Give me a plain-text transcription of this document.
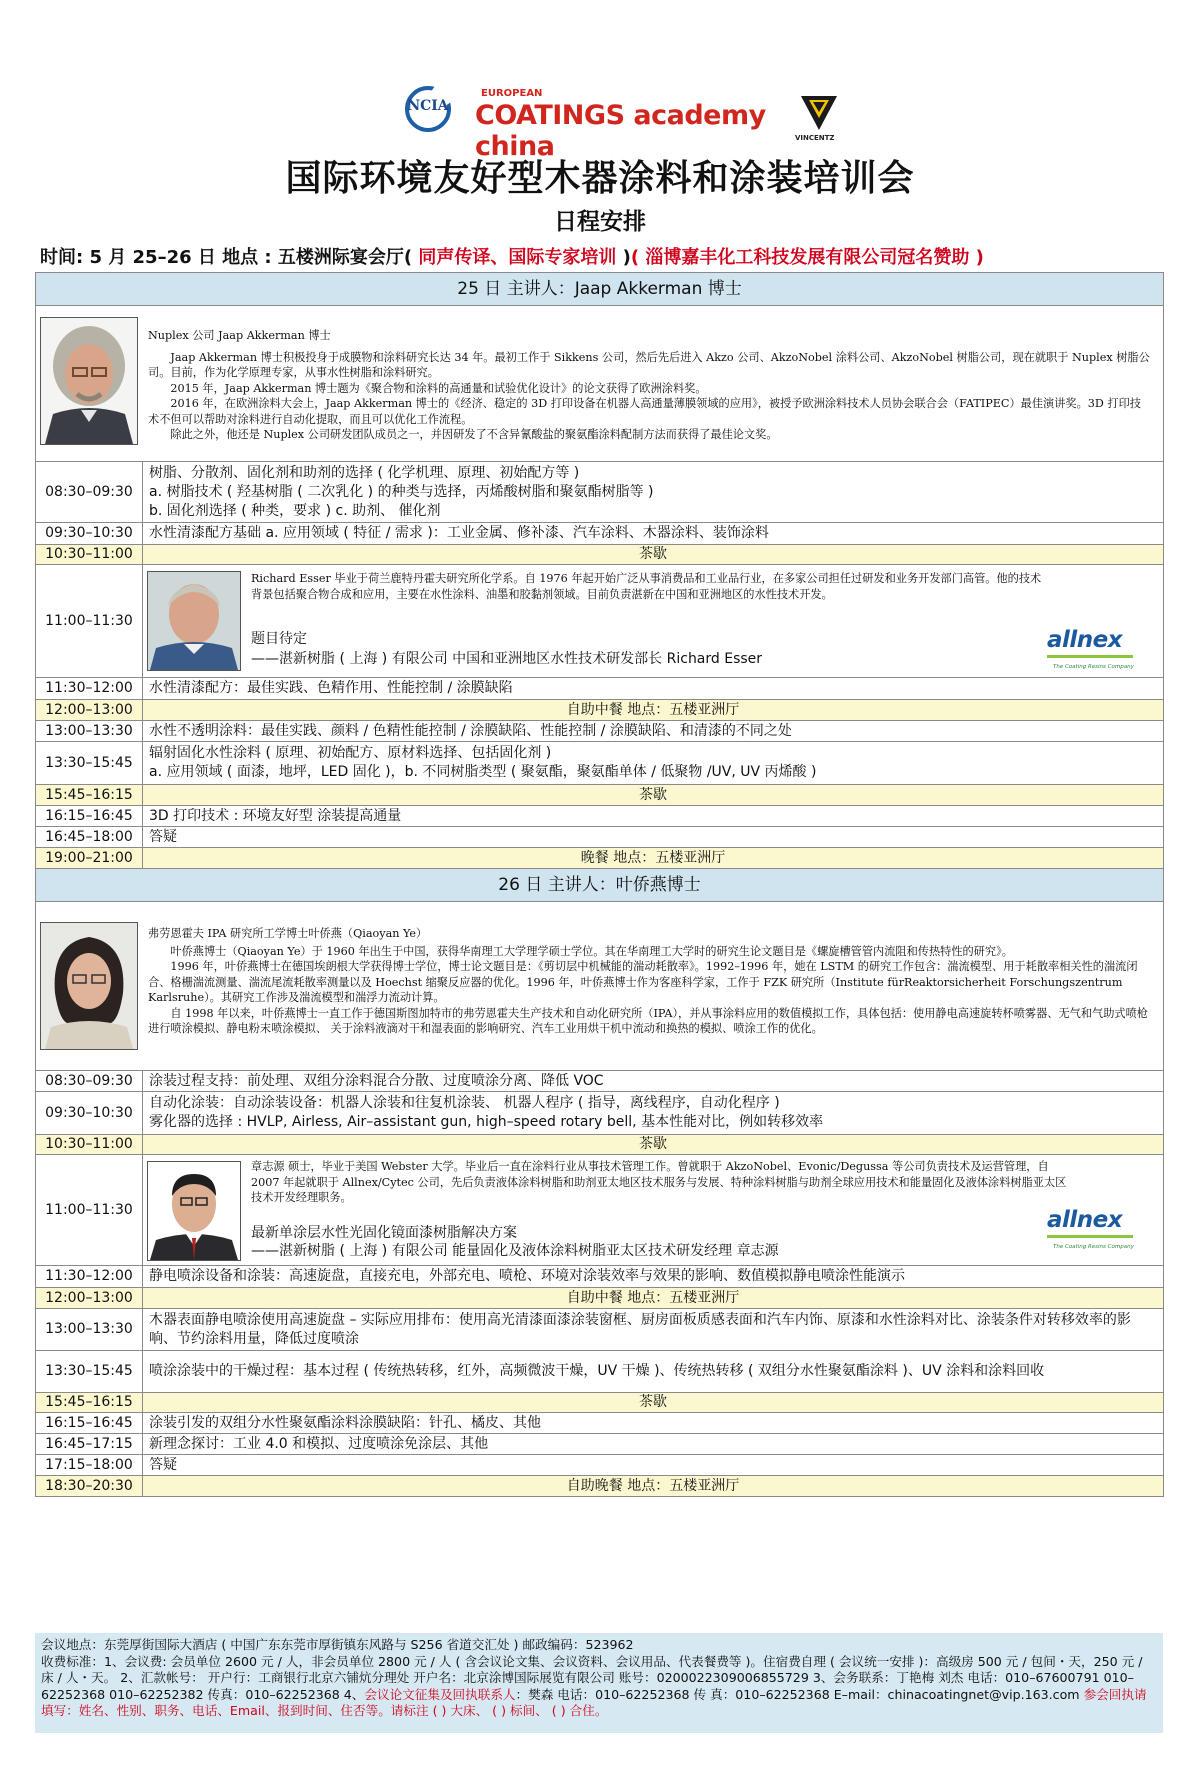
NCIA
EUROPEAN
COATINGS academy china	VINCENTZ
国际环境友好型木器涂料和涂装培训会
日程安排
时间: 5 月 25–26 日 地点 : 五楼洲际宴会厅( 同声传译、国际专家培训 )( 淄博嘉丰化工科技发展有限公司冠名赞助 )
25 日 主讲人：Jaap Akkerman 博士	

Nuplex 公司 Jaap Akkerman 博士

Jaap Akkerman 博士积极投身于成膜物和涂料研究长达 34 年。最初工作于 Sikkens 公司，然后先后进入 Akzo 公司、AkzoNobel 涂料公司、AkzoNobel 树脂公司，现在就职于 Nuplex 树脂公司。目前，作为化学原理专家，从事水性树脂和涂料研究。

2015 年，Jaap Akkerman 博士题为《聚合物和涂料的高通量和试验优化设计》的论文获得了欧洲涂料奖。

2016 年，在欧洲涂料大会上，Jaap Akkerman 博士的《经济、稳定的 3D 打印设备在机器人高通量薄膜领域的应用》，被授予欧洲涂料技术人员协会联合会（FATIPEC）最佳演讲奖。3D 打印技术不但可以帮助对涂料进行自动化提取，而且可以优化工作流程。

除此之外，他还是 Nuplex 公司研发团队成员之一，并因研发了不含异氰酸盐的聚氨酯涂料配制方法而获得了最佳论文奖。	

08:30–09:30	树脂、分散剂、固化剂和助剂的选择 ( 化学机理、原理、初始配方等 )
a. 树脂技术 ( 羟基树脂 ( 二次乳化 ) 的种类与选择，丙烯酸树脂和聚氨酯树脂等 )
b. 固化剂选择 ( 种类，要求 ) c. 助剂、 催化剂

09:30–10:30	水性清漆配方基础 a. 应用领域 ( 特征 / 需求 )：工业金属、修补漆、汽车涂料、木器涂料、装饰涂料
10:30–11:00	茶歇
11:00–11:30	Richard Esser 毕业于荷兰鹿特丹霍夫研究所化学系。自 1976 年起开始广泛从事消费品和工业品行业，在多家公司担任过研发和业务开发部门高管。他的技术背景包括聚合物合成和应用，主要在水性涂料、油墨和胶黏剂领域。目前负责湛新在中国和亚洲地区的水性技术开发。
题目待定
——湛新树脂 ( 上海 ) 有限公司 中国和亚洲地区水性技术研发部长 Richard Esser
allnex
The Coating Resins Company

11:30–12:00	水性清漆配方：最佳实践、色精作用、性能控制 / 涂膜缺陷
12:00–13:00	自助中餐 地点：五楼亚洲厅
13:00–13:30	水性不透明涂料：最佳实践、颜料 / 色精性能控制 / 涂膜缺陷、性能控制 / 涂膜缺陷、和清漆的不同之处
13:30–15:45	辐射固化水性涂料 ( 原理、初始配方、原材料选择、包括固化剂 )
a. 应用领域 ( 面漆，地坪，LED 固化 )，b. 不同树脂类型 ( 聚氨酯，聚氨酯单体 / 低聚物 /UV, UV 丙烯酸 )

15:45–16:15	茶歇
16:15–16:45	3D 打印技术 : 环境友好型 涂装提高通量
16:45–18:00	答疑
19:00–21:00	晚餐 地点：五楼亚洲厅
26 日 主讲人：叶侨燕博士	

弗劳恩霍夫 IPA 研究所工学博士叶侨燕（Qiaoyan Ye）

叶侨燕博士（Qiaoyan Ye）于 1960 年出生于中国，获得华南理工大学理学硕士学位。其在华南理工大学时的研究生论文题目是《螺旋槽管管内流阻和传热特性的研究》。

1996 年，叶侨燕博士在德国埃朗根大学获得博士学位，博士论文题目是：《剪切层中机械能的湍动耗散率》。1992–1996 年，她在 LSTM 的研究工作包含：湍流模型、用于耗散率相关性的湍流闭合、格栅湍流测量、湍流尾流耗散率测量以及 Hoechst 缩聚反应器的优化。1996 年，叶侨燕博士作为客座科学家，工作于 FZK 研究所（Institute fürReaktorsicherheit Forschungszentrum Karlsruhe）。其研究工作涉及湍流模型和湍浮力流动计算。

自 1998 年以来，叶侨燕博士一直工作于德国斯图加特市的弗劳恩霍夫生产技术和自动化研究所（IPA），并从事涂料应用的数值模拟工作，具体包括：使用静电高速旋转杯喷雾器、无气和气助式喷枪进行喷涂模拟、静电粉末喷涂模拟、 关于涂料液滴对干和湿表面的影响研究、汽车工业用烘干机中流动和换热的模拟、喷涂工作的优化。	

08:30–09:30	涂装过程支持：前处理、双组分涂料混合分散、过度喷涂分离、降低 VOC
09:30–10:30	自动化涂装：自动涂装设备：机器人涂装和往复机涂装、 机器人程序 ( 指导，离线程序，自动化程序 )
雾化器的选择 : HVLP, Airless, Air–assistant gun, high–speed rotary bell, 基本性能对比，例如转移效率

10:30–11:00	茶歇
11:00–11:30	章志源 硕士，毕业于美国 Webster 大学。毕业后一直在涂料行业从事技术管理工作。曾就职于 AkzoNobel、Evonic/Degussa 等公司负责技术及运营管理，自 2007 年起就职于 Allnex/Cytec 公司，先后负责液体涂料树脂和助剂亚太地区技术服务与发展、特种涂料树脂与助剂全球应用技术和能量固化及液体涂料树脂亚太区技术开发经理职务。
最新单涂层水性光固化镜面漆树脂解决方案
——湛新树脂 ( 上海 ) 有限公司 能量固化及液体涂料树脂亚太区技术研发经理 章志源
allnex
The Coating Resins Company

11:30–12:00	静电喷涂设备和涂装：高速旋盘，直接充电，外部充电、喷枪、环境对涂装效率与效果的影响、数值模拟静电喷涂性能演示
12:00–13:00	自助中餐 地点：五楼亚洲厅
13:00–13:30	木器表面静电喷涂使用高速旋盘 – 实际应用排布：使用高光清漆面漆涂装窗框、厨房面板质感表面和汽车内饰、原漆和水性涂料对比、涂装条件对转移效率的影响、节约涂料用量，降低过度喷涂
13:30–15:45	喷涂涂装中的干燥过程：基本过程 ( 传统热转移，红外，高频微波干燥，UV 干燥 )、传统热转移 ( 双组分水性聚氨酯涂料 )、UV 涂料和涂料回收
15:45–16:15	茶歇
16:15–16:45	涂装引发的双组分水性聚氨酯涂料涂膜缺陷：针孔、橘皮、其他
16:45–17:15	新理念探讨：工业 4.0 和模拟、过度喷涂免涂层、其他
17:15–18:00	答疑
18:30–20:30	自助晚餐 地点：五楼亚洲厅

会议地点：东莞厚街国际大酒店 ( 中国广东东莞市厚街镇东风路与 S256 省道交汇处 ) 邮政编码：523962

收费标准：1、会议费: 会员单位 2600 元 / 人，非会员单位 2800 元 / 人 ( 含会议论文集、会议资料、会议用品、代表餐费等 )。住宿费自理 ( 会议统一安排 )：高级房 500 元 / 包间・天，250 元 / 床 / 人・天。 2、汇款帐号： 开户行：工商银行北京六铺炕分理处 开户名：北京涂博国际展览有限公司 账号：0200022309006855729 3、会务联系：丁艳梅 刘杰 电话：010–67600791 010–62252368 010–62252382 传真：010–62252368 4、会议论文征集及回执联系人：樊森 电话：010–62252368 传 真：010–62252368 E–mail：chinacoatingnet@vip.163.com 参会回执请填写：姓名、性别、职务、电话、Email、报到时间、住否等。请标注 ( ) 大床、 ( ) 标间、 ( ) 合住。
